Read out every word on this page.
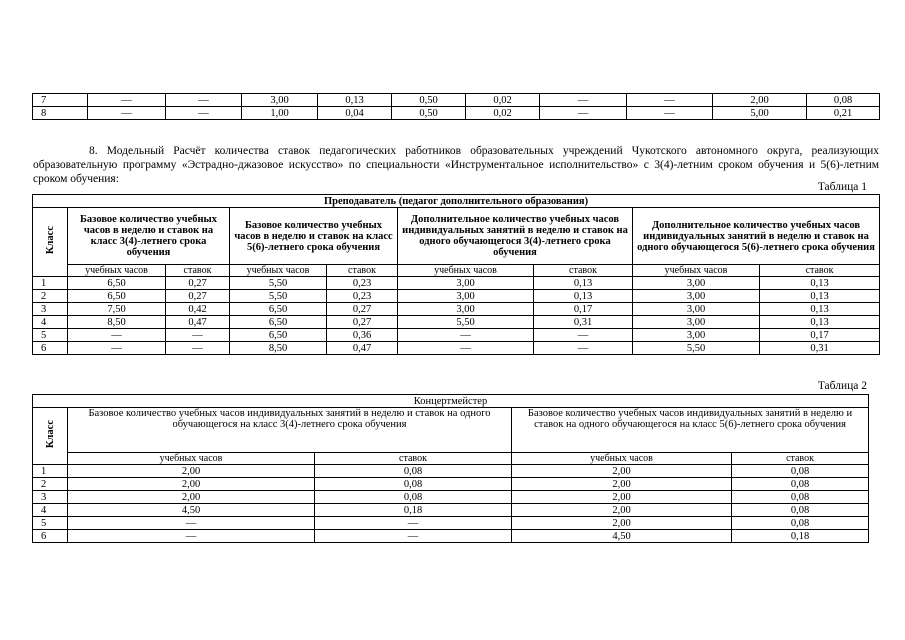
7	—	—	3,00	0,13	0,50	0,02	—	—	2,00	0,08
8	—	—	1,00	0,04	0,50	0,02	—	—	5,00	0,21

8. Модельный Расчёт количества ставок педагогических работников образовательных учреждений Чукотского автономного округа, реализующих образовательную программу «Эстрадно-джазовое искусство» по специальности «Инструментальное исполнительство» с 3(4)-летним сроком обучения и 5(6)-летним сроком обучения:

Таблица 1
Преподаватель (педагог дополнительного образования)								
Класс	Базовое количество учебных часов в неделю и ставок на класс 3(4)-летнего срока обучения		Базовое количество учебных часов в неделю и ставок на класс 5(6)-летнего срока обучения		Дополнительное количество учебных часов индивидуальных занятий в неделю и ставок на одного обучающегося 3(4)-летнего срока обучения		Дополнительное количество учебных часов индивидуальных занятий в неделю и ставок на одного обучающегося 5(6)-летнего срока обучения	
	учебных часов	ставок	учебных часов	ставок	учебных часов	ставок	учебных часов	ставок
1	6,50	0,27	5,50	0,23	3,00	0,13	3,00	0,13
2	6,50	0,27	5,50	0,23	3,00	0,13	3,00	0,13
3	7,50	0,42	6,50	0,27	3,00	0,17	3,00	0,13
4	8,50	0,47	6,50	0,27	5,50	0,31	3,00	0,13
5	—	—	6,50	0,36	—	—	3,00	0,17
6	—	—	8,50	0,47	—	—	5,50	0,31
Таблица 2
Концертмейстер				
Класс	Базовое количество учебных часов индивидуальных занятий в неделю и ставок на одного обучающегося на класс 3(4)-летнего срока обучения		Базовое количество учебных часов индивидуальных занятий в неделю и ставок на одного обучающегося на класс 5(6)-летнего срока обучения	
	учебных часов	ставок	учебных часов	ставок
1	2,00	0,08	2,00	0,08
2	2,00	0,08	2,00	0,08
3	2,00	0,08	2,00	0,08
4	4,50	0,18	2,00	0,08
5	—	—	2,00	0,08
6	—	—	4,50	0,18
